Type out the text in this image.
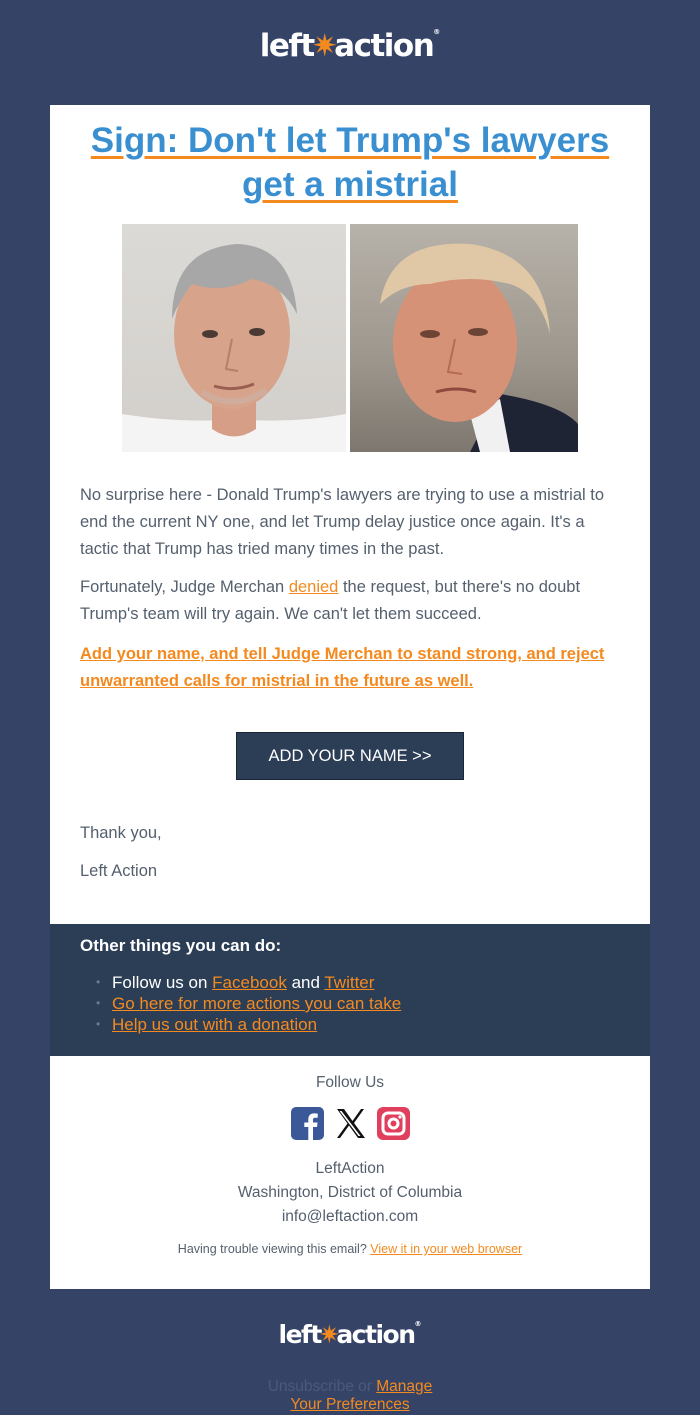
left✷action®
Sign: Don't let Trump's lawyers get a mistrial
No surprise here - Donald Trump's lawyers are trying to use a mistrial to end the current NY one, and let Trump delay justice once again. It's a tactic that Trump has tried many times in the past.
Fortunately, Judge Merchan denied the request, but there's no doubt Trump's team will try again. We can't let them succeed.
Add your name, and tell Judge Merchan to stand strong, and reject unwarranted calls for mistrial in the future as well.
ADD YOUR NAME >>
Thank you,
Left Action
Other things you can do:
• Follow us on Facebook and Twitter
• Go here for more actions you can take
• Help us out with a donation
Follow Us
LeftAction
Washington, District of Columbia
info@leftaction.com
Having trouble viewing this email? View it in your web browser
left✷action®
Unsubscribe or Manage
Your Preferences
